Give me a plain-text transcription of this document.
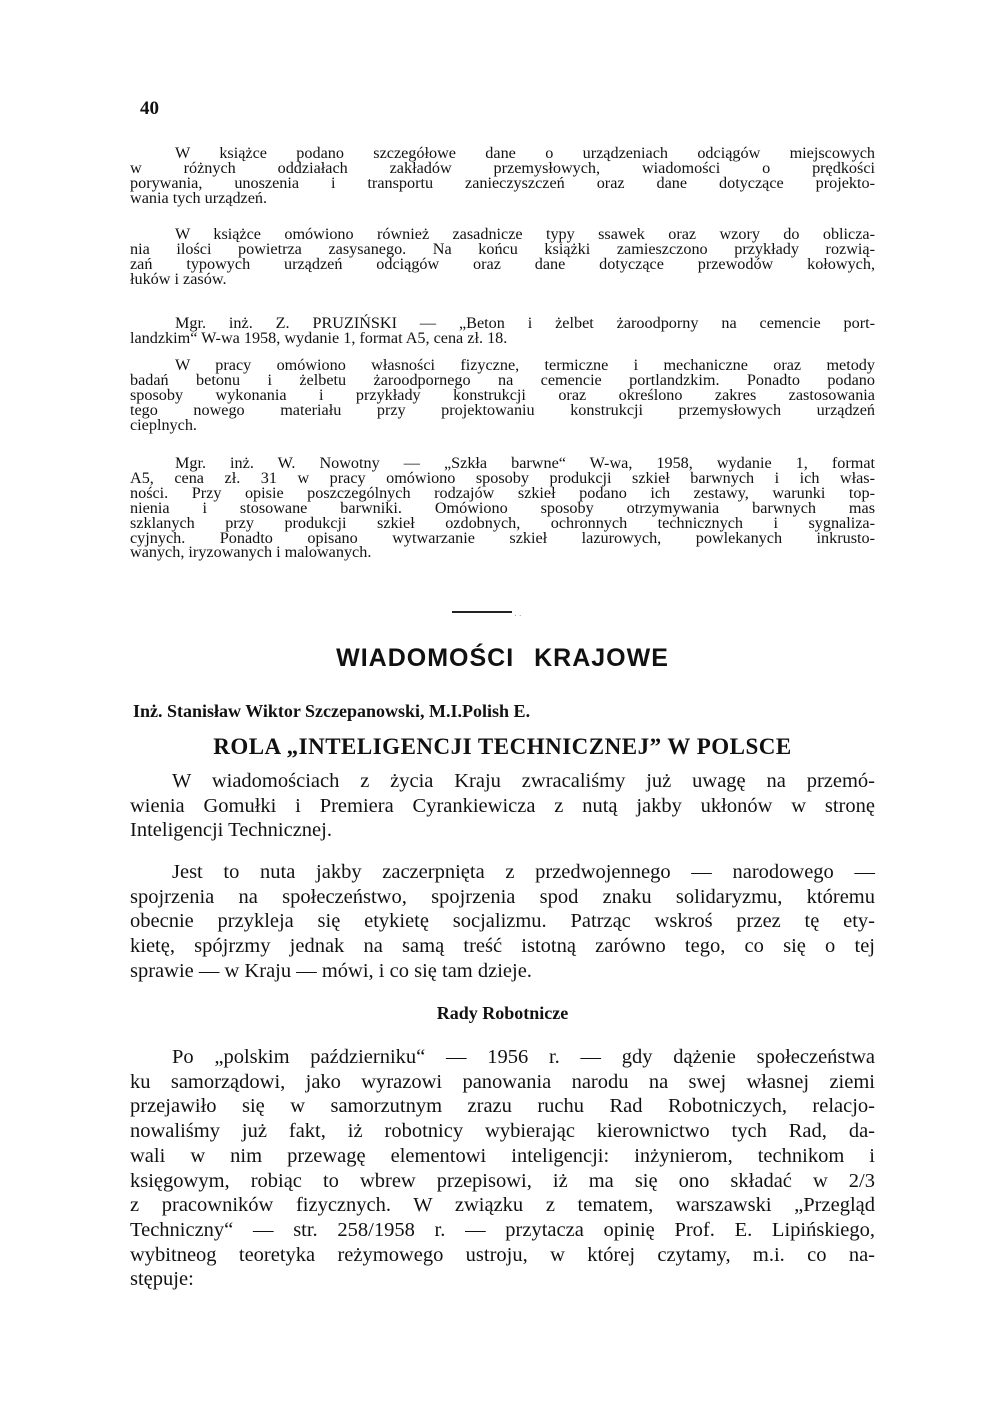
40
W książce podano szczegółowe dane o urządzeniach odciągów miejscowych
w różnych oddziałach zakładów przemysłowych, wiadomości o prędkości
porywania, unoszenia i transportu zanieczyszczeń oraz dane dotyczące projekto-
wania tych urządzeń.
W książce omówiono również zasadnicze typy ssawek oraz wzory do oblicza-
nia ilości powietrza zasysanego. Na końcu książki zamieszczono przykłady rozwią-
zań typowych urządzeń odciągów oraz dane dotyczące przewodów kołowych,
łuków i zasów.
Mgr. inż. Z. PRUZIŃSKI — „Beton i żelbet żaroodporny na cemencie port-
landzkim“ W-wa 1958, wydanie 1, format A5, cena zł. 18.
W pracy omówiono własności fizyczne, termiczne i mechaniczne oraz metody
badań betonu i żelbetu żaroodpornego na cemencie portlandzkim. Ponadto podano
sposoby wykonania i przykłady konstrukcji oraz określono zakres zastosowania
tego nowego materiału przy projektowaniu konstrukcji przemysłowych urządzeń
cieplnych.
Mgr. inż. W. Nowotny — „Szkła barwne“ W-wa, 1958, wydanie 1, format
A5, cena zł. 31 w pracy omówiono sposoby produkcji szkieł barwnych i ich włas-
ności. Przy opisie poszczególnych rodzajów szkieł podano ich zestawy, warunki top-
nienia i stosowane barwniki. Omówiono sposoby otrzymywania barwnych mas
szklanych przy produkcji szkieł ozdobnych, ochronnych technicznych i sygnaliza-
cyjnych. Ponadto opisano wytwarzanie szkieł lazurowych, powlekanych inkrusto-
wanych, iryzowanych i malowanych.
· ·
WIADOMOŚCI KRAJOWE
Inż. Stanisław Wiktor Szczepanowski, M.I.Polish E.
ROLA „INTELIGENCJI TECHNICZNEJ” W POLSCE
W wiadomościach z życia Kraju zwracaliśmy już uwagę na przemó-
wienia Gomułki i Premiera Cyrankiewicza z nutą jakby ukłonów w stronę
Inteligencji Technicznej.
Jest to nuta jakby zaczerpnięta z przedwojennego — narodowego —
spojrzenia na społeczeństwo, spojrzenia spod znaku solidaryzmu, któremu
obecnie przykleja się etykietę socjalizmu. Patrząc wskroś przez tę ety-
kietę, spójrzmy jednak na samą treść istotną zarówno tego, co się o tej
sprawie — w Kraju — mówi, i co się tam dzieje.
Rady Robotnicze
Po „polskim październiku“ — 1956 r. — gdy dążenie społeczeństwa
ku samorządowi, jako wyrazowi panowania narodu na swej własnej ziemi
przejawiło się w samorzutnym zrazu ruchu Rad Robotniczych, relacjo-
nowaliśmy już fakt, iż robotnicy wybierając kierownictwo tych Rad, da-
wali w nim przewagę elementowi inteligencji: inżynierom, technikom i
księgowym, robiąc to wbrew przepisowi, iż ma się ono składać w 2/3
z pracowników fizycznych. W związku z tematem, warszawski „Przegląd
Techniczny“ — str. 258/1958 r. — przytacza opinię Prof. E. Lipińskiego,
wybitneog teoretyka reżymowego ustroju, w której czytamy, m.i. co na-
stępuje:
